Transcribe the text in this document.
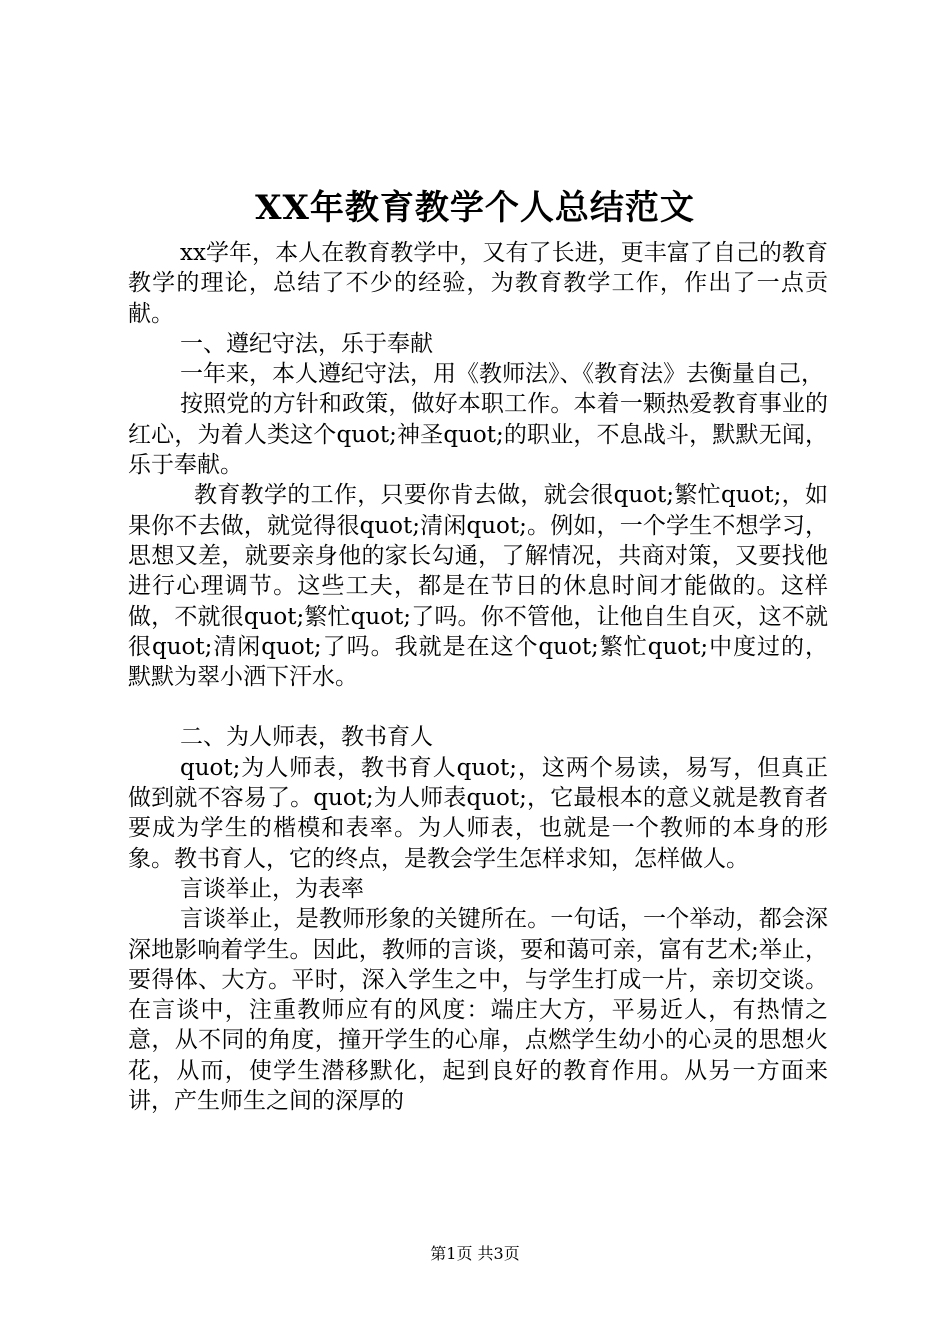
XX年教育教学个人总结范文

xx学年，本人在教育教学中，又有了长进，更丰富了自己的教育教学的理论，总结了不少的经验，为教育教学工作，作出了一点贡献。

一、遵纪守法，乐于奉献

一年来，本人遵纪守法，用《教师法》、《教育法》去衡量自己，

按照党的方针和政策，做好本职工作。本着一颗热爱教育事业的红心，为着人类这个quot;神圣quot;的职业，不息战斗，默默无闻，乐于奉献。

教育教学的工作，只要你肯去做，就会很quot;繁忙quot;，如果你不去做，就觉得很quot;清闲quot;。例如，一个学生不想学习，思想又差，就要亲身他的家长勾通，了解情况，共商对策，又要找他进行心理调节。这些工夫，都是在节日的休息时间才能做的。这样做，不就很quot;繁忙quot;了吗。你不管他，让他自生自灭，这不就很quot;清闲quot;了吗。我就是在这个quot;繁忙quot;中度过的，默默为翠小洒下汗水。

二、为人师表，教书育人

quot;为人师表，教书育人quot;，这两个易读，易写，但真正做到就不容易了。quot;为人师表quot;，它最根本的意义就是教育者要成为学生的楷模和表率。为人师表，也就是一个教师的本身的形象。教书育人，它的终点，是教会学生怎样求知，怎样做人。

言谈举止，为表率

言谈举止，是教师形象的关键所在。一句话，一个举动，都会深深地影响着学生。因此，教师的言谈，要和蔼可亲，富有艺术;举止，要得体、大方。平时，深入学生之中，与学生打成一片，亲切交谈。在言谈中，注重教师应有的风度：端庄大方，平易近人，有热情之意，从不同的角度，撞开学生的心扉，点燃学生幼小的心灵的思想火花，从而，使学生潜移默化，起到良好的教育作用。从另一方面来讲，产生师生之间的深厚的

第1页 共3页
